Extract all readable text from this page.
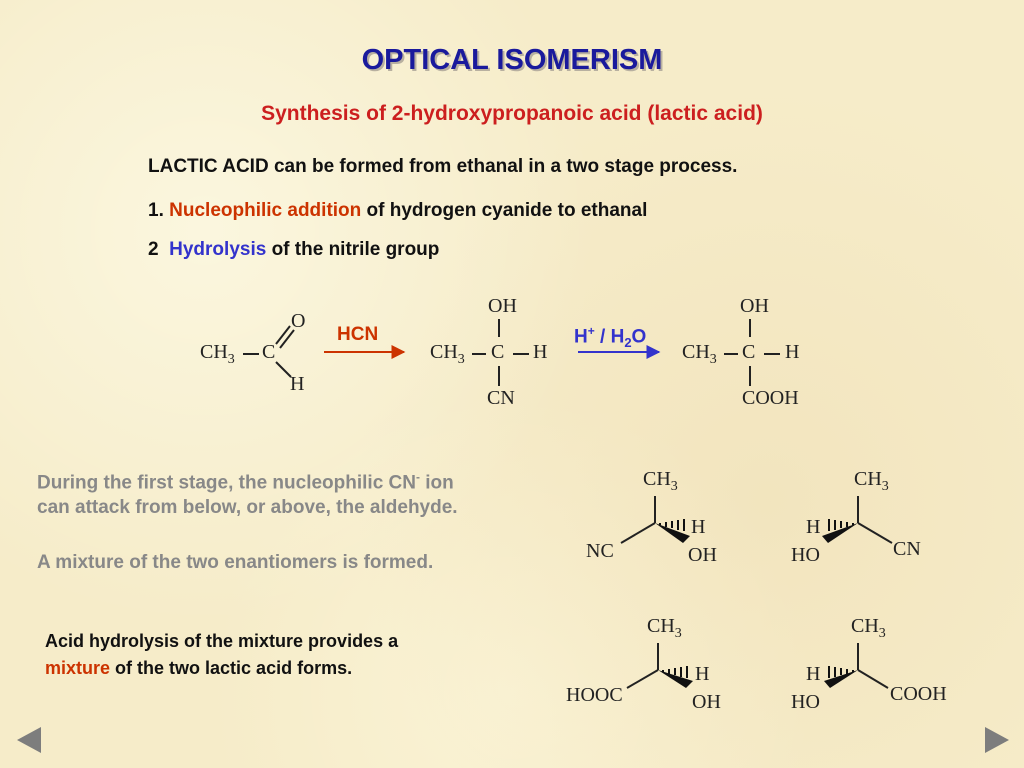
OPTICAL ISOMERISM
Synthesis of 2-hydroxypropanoic acid (lactic acid)
LACTIC ACID can be formed from ethanal in a two stage process.
1. Nucleophilic addition of hydrogen cyanide to ethanal
2 Hydrolysis of the nitrile group
HCN	$H^+ / H_2O$
$CH_3$ C
O
H
OH
$CH_3$ C H
CN
OH
$CH_3$ C H
COOH
During the first stage, the nucleophilic CN- ion
can attack from below, or above, the aldehyde.
A mixture of the two enantiomers is formed.
Acid hydrolysis of the mixture provides a
mixture of the two lactic acid forms.
$CH_3$
NC
H
OH
$CH_3$
H
HO	CN
$CH_3$
HOOC
H
OH
$CH_3$
H
HO	COOH
